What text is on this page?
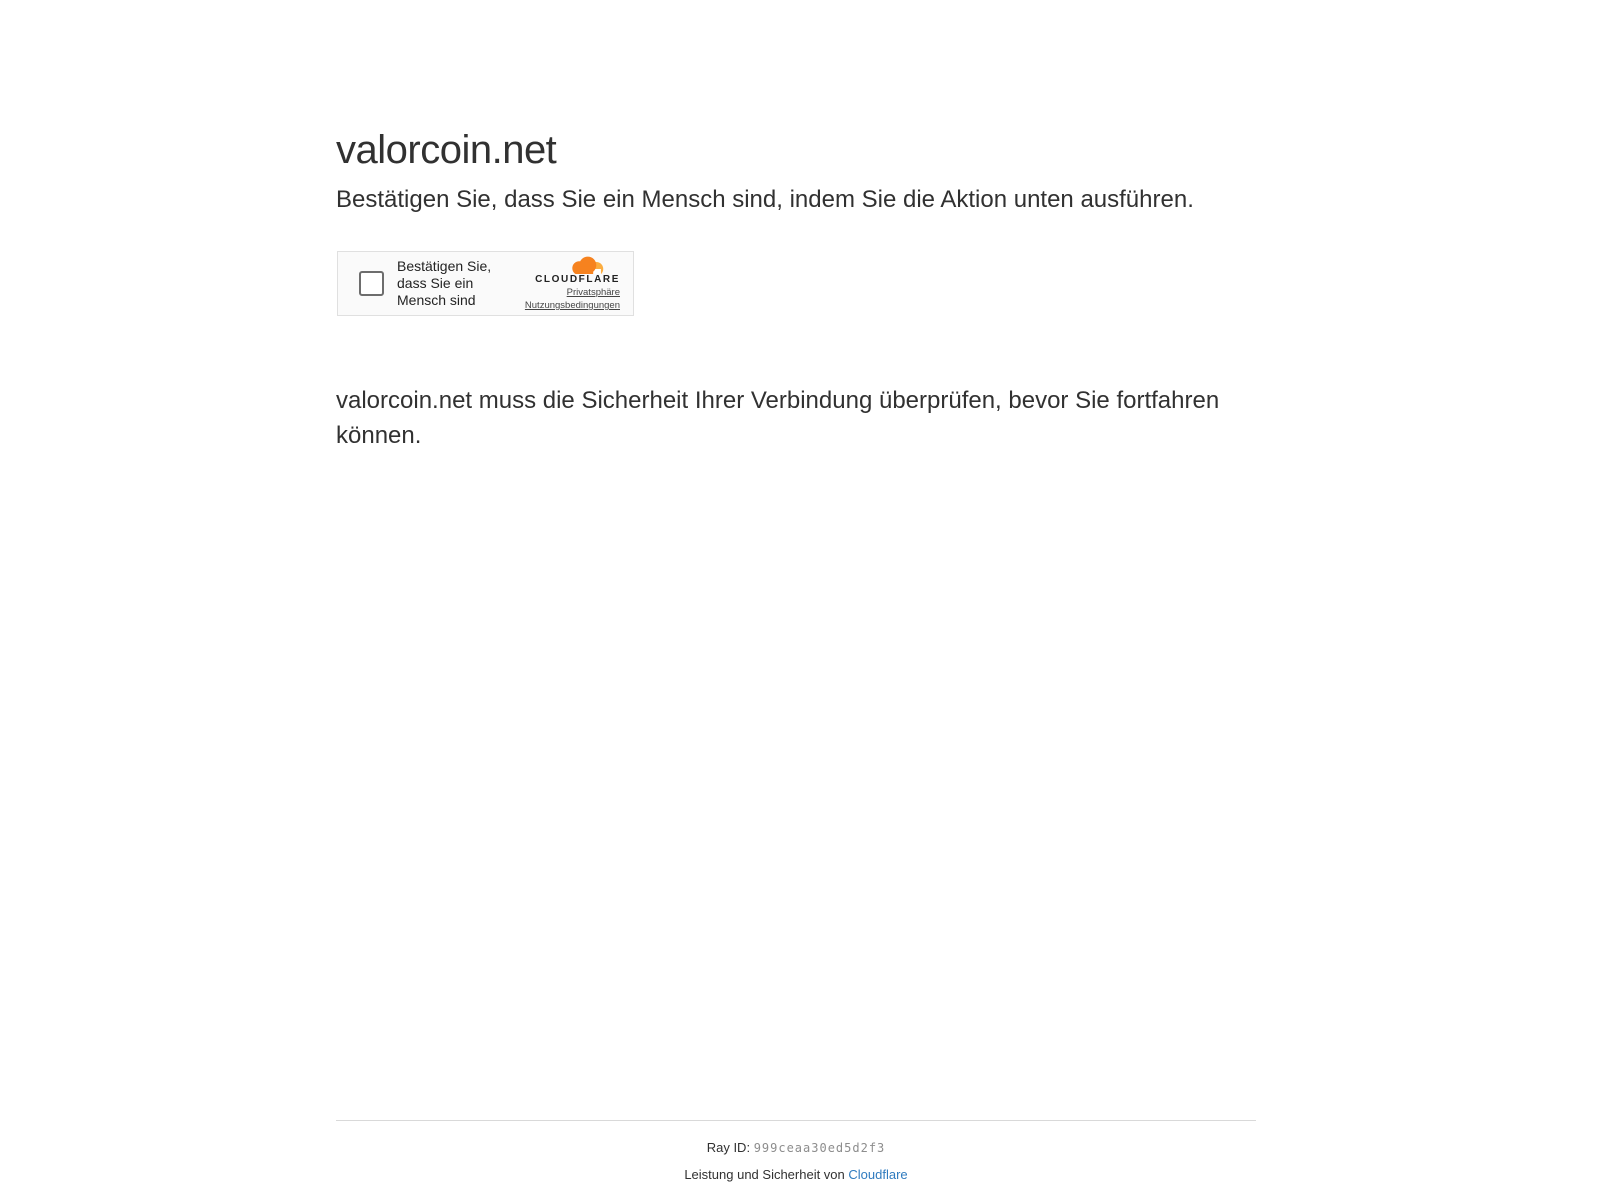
valorcoin.net
Bestätigen Sie, dass Sie ein Mensch sind, indem Sie die Aktion unten ausführen.
Bestätigen Sie, dass Sie ein Mensch sind
CLOUDFLARE
Privatsphäre
Nutzungsbedingungen
valorcoin.net muss die Sicherheit Ihrer Verbindung überprüfen, bevor Sie fortfahren können.
Ray ID: 999ceaa30ed5d2f3
Leistung und Sicherheit von Cloudflare
